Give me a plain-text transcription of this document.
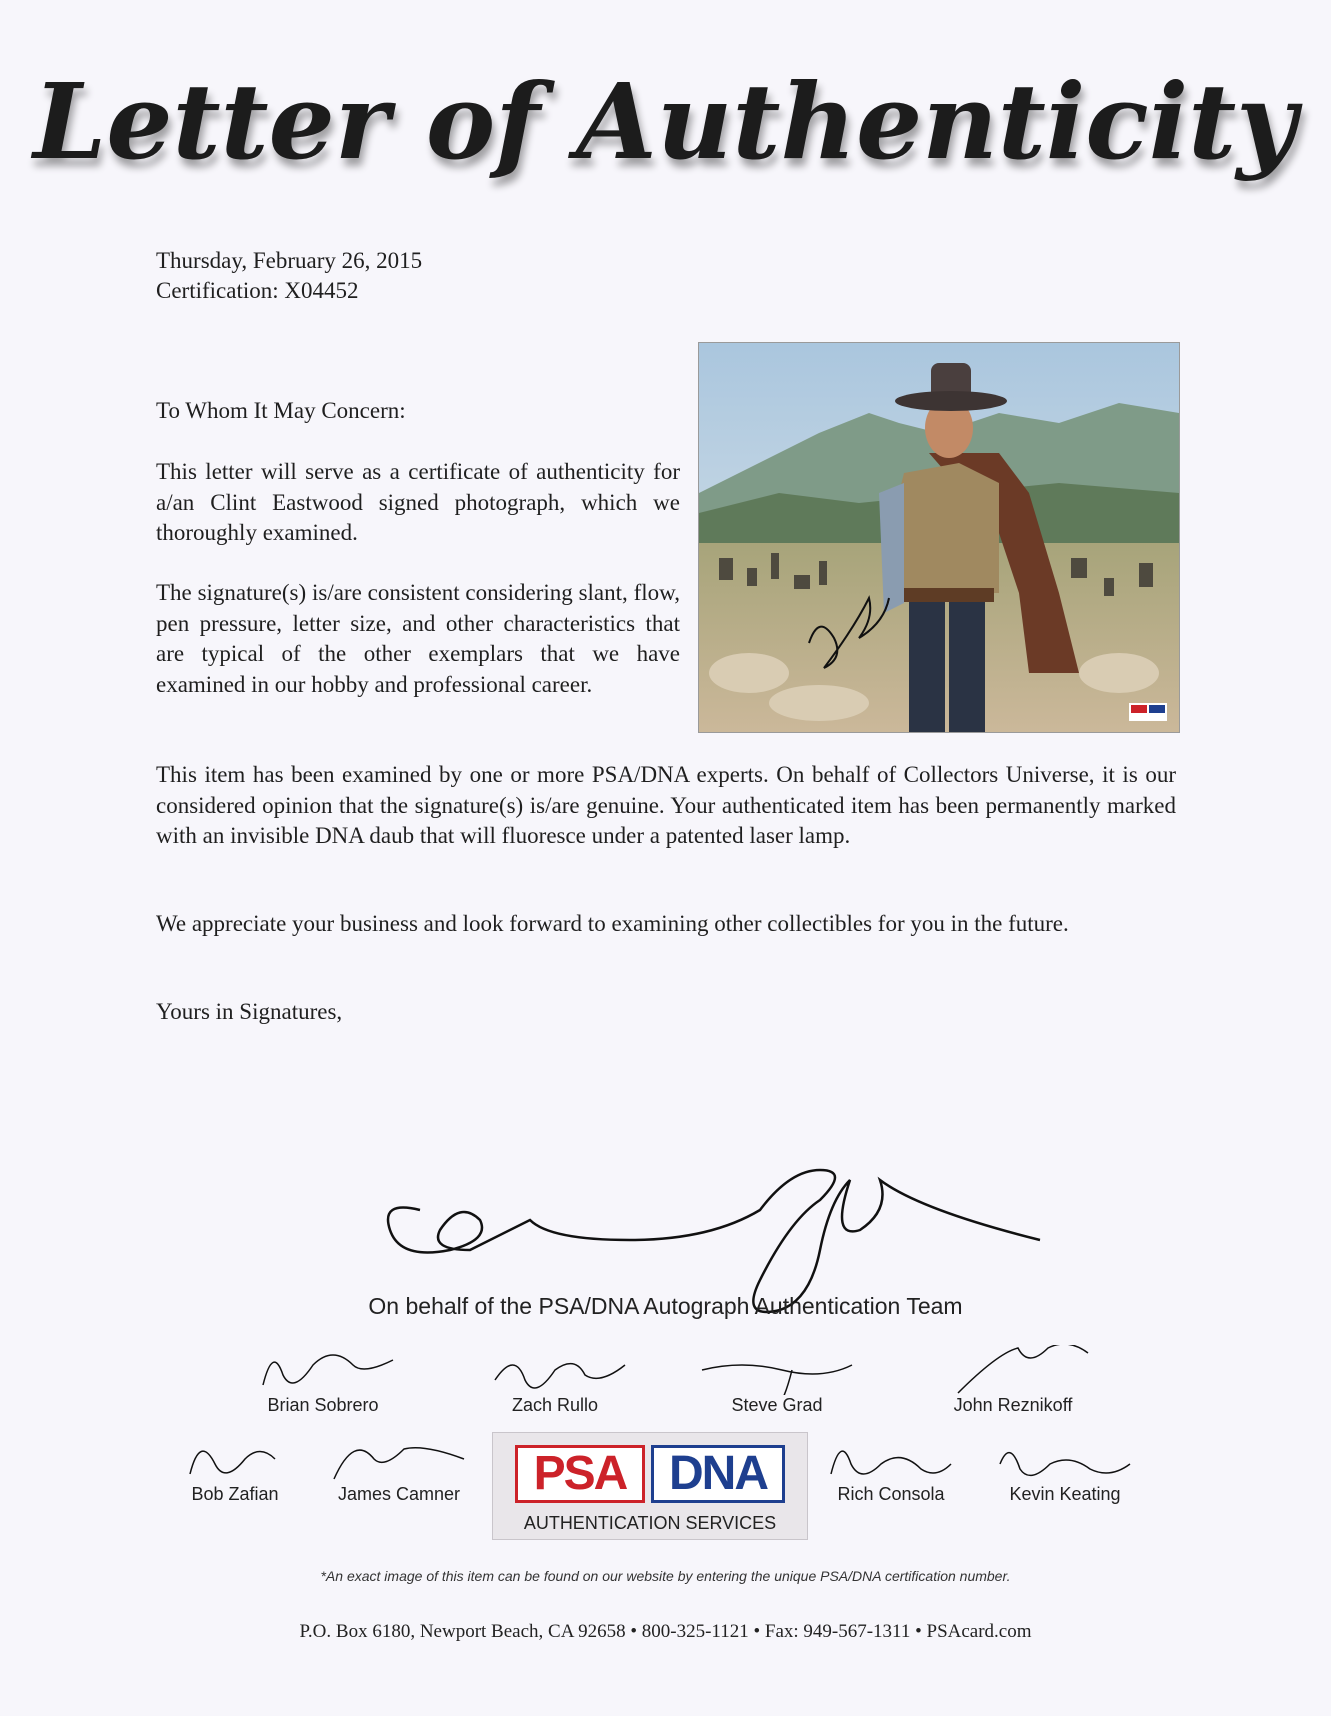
Letter of Authenticity
Thursday, February 26, 2015
Certification: X04452
To Whom It May Concern:

This letter will serve as a certificate of authenticity for a/an Clint Eastwood signed photograph, which we thoroughly examined.

The signature(s) is/are consistent considering slant, flow, pen pressure, letter size, and other characteristics that are typical of the other exemplars that we have examined in our hobby and professional career.

This item has been examined by one or more PSA/DNA experts. On behalf of Collectors Universe, it is our considered opinion that the signature(s) is/are genuine. Your authenticated item has been permanently marked with an invisible DNA daub that will fluoresce under a patented laser lamp.

We appreciate your business and look forward to examining other collectibles for you in the future.

Yours in Signatures,
On behalf of the PSA/DNA Autograph Authentication Team
Brian Sobrero	Zach Rullo	Steve Grad	John Reznikoff
Bob Zafian	James Camner	Rich Consola	Kevin Keating
PSA DNA
AUTHENTICATION SERVICES
*An exact image of this item can be found on our website by entering the unique PSA/DNA certification number.
P.O. Box 6180, Newport Beach, CA 92658 • 800-325-1121 • Fax: 949-567-1311 • PSAcard.com
